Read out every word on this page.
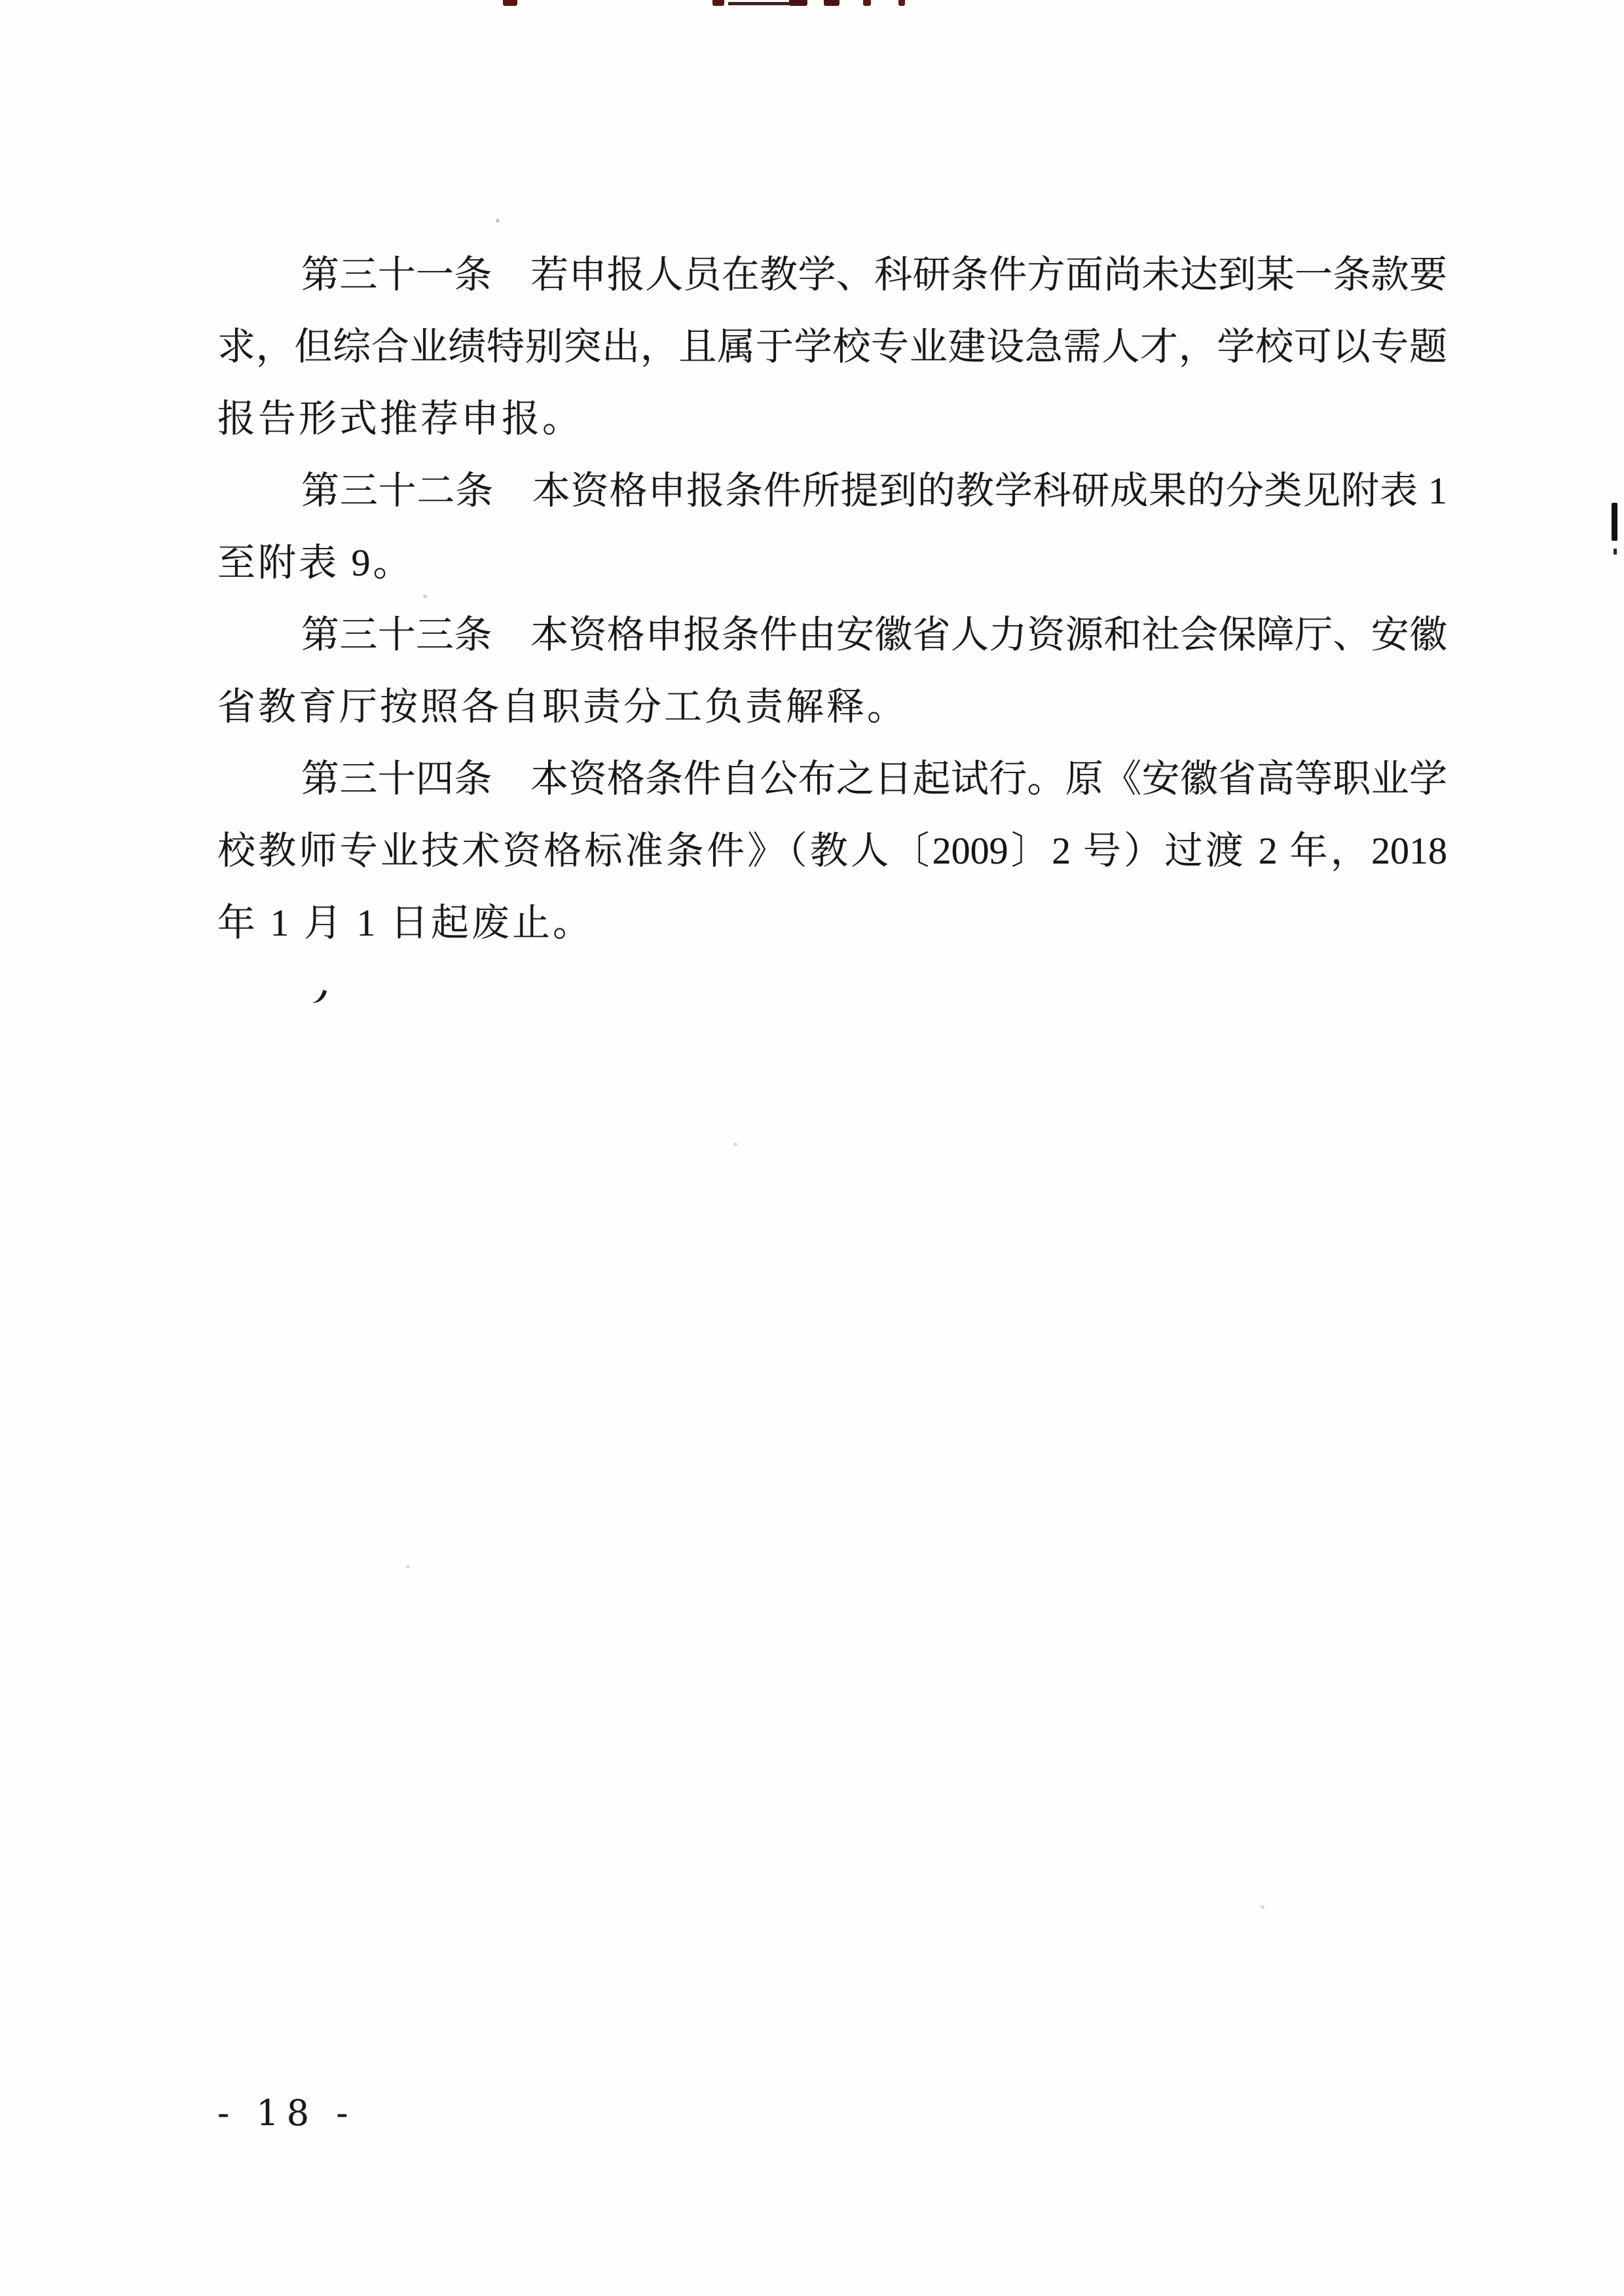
第三十一条　若申报人员在教学、科研条件方面尚未达到某一条款要
求，但综合业绩特别突出，且属于学校专业建设急需人才，学校可以专题
报告形式推荐申报。
第三十二条　本资格申报条件所提到的教学科研成果的分类见附表 1
至附表 9。
第三十三条　本资格申报条件由安徽省人力资源和社会保障厅、安徽
省教育厅按照各自职责分工负责解释。
第三十四条　本资格条件自公布之日起试行。原《安徽省高等职业学
校教师专业技术资格标准条件》（教人〔2009〕2 号）过渡 2 年，2018
年 1 月 1 日起废止。
- 18 -
